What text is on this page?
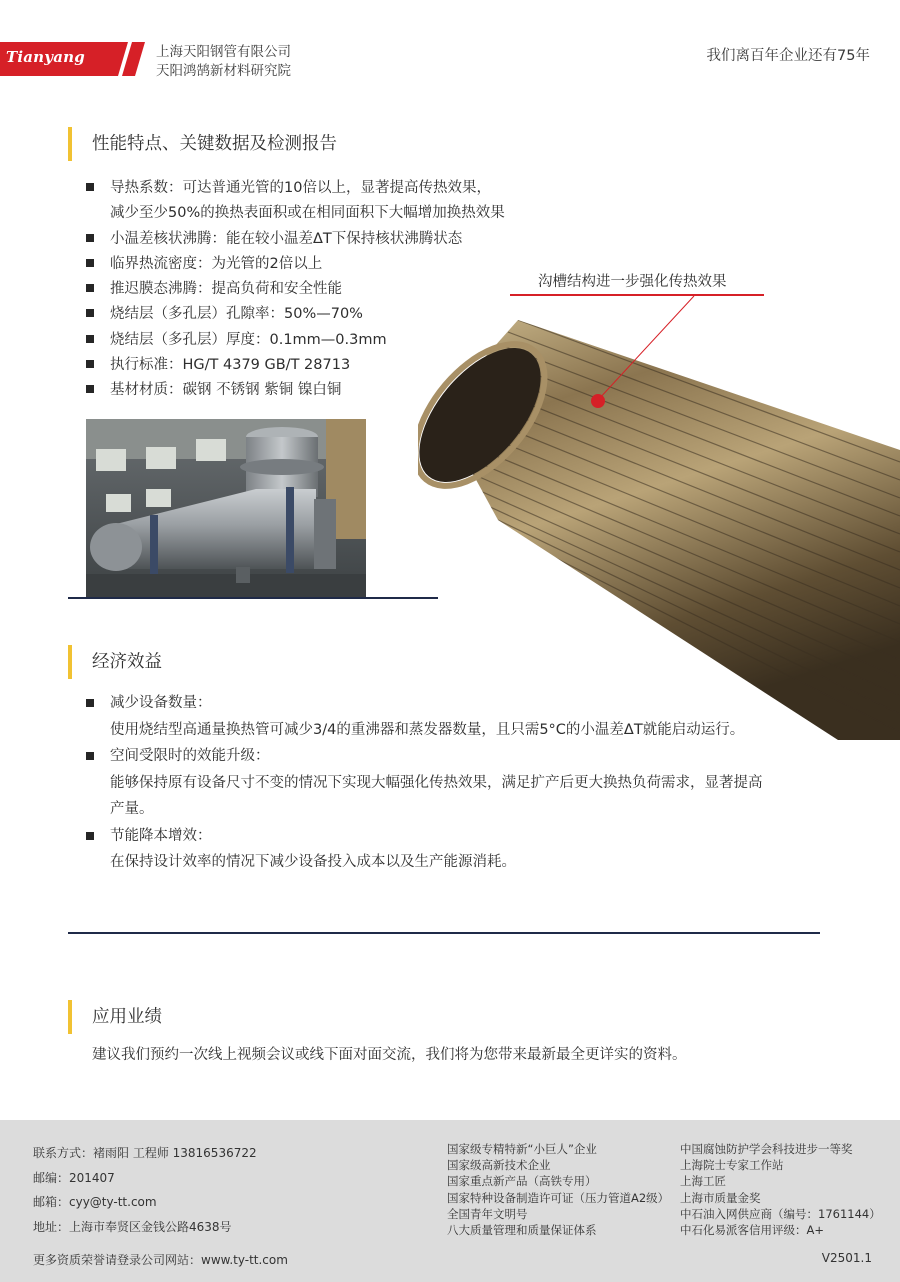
Tianyang	上海天阳钢管有限公司
天阳鸿鹄新材料研究院
我们离百年企业还有75年
性能特点、关键数据及检测报告
导热系数：可达普通光管的10倍以上，显著提高传热效果，
减少至少50%的换热表面积或在相同面积下大幅增加换热效果
小温差核状沸腾：能在较小温差ΔT下保持核状沸腾状态
临界热流密度：为光管的2倍以上
推迟膜态沸腾：提高负荷和安全性能
烧结层（多孔层）孔隙率：50%—70%
烧结层（多孔层）厚度：0.1mm—0.3mm
执行标准：HG/T 4379 GB/T 28713
基材材质：碳钢 不锈钢 紫铜 镍白铜
沟槽结构进一步强化传热效果
经济效益
减少设备数量：
使用烧结型高通量换热管可减少3/4的重沸器和蒸发器数量，且只需5°C的小温差ΔT就能启动运行。
空间受限时的效能升级：
能够保持原有设备尺寸不变的情况下实现大幅强化传热效果，满足扩产后更大换热负荷需求，显著提高
产量。
节能降本增效：
在保持设计效率的情况下减少设备投入成本以及生产能源消耗。
应用业绩
建议我们预约一次线上视频会议或线下面对面交流，我们将为您带来最新最全更详实的资料。
联系方式：褚雨阳 工程师 13816536722
邮编：201407
邮箱：cyy@ty-tt.com
地址：上海市奉贤区金钱公路4638号
国家级专精特新“小巨人”企业
国家级高新技术企业
国家重点新产品（高铁专用）
国家特种设备制造许可证（压力管道A2级）
全国青年文明号
八大质量管理和质量保证体系
中国腐蚀防护学会科技进步一等奖
上海院士专家工作站
上海工匠
上海市质量金奖
中石油入网供应商（编号：1761144）
中石化易派客信用评级：A+
更多资质荣誉请登录公司网站：www.ty-tt.com	V2501.1
